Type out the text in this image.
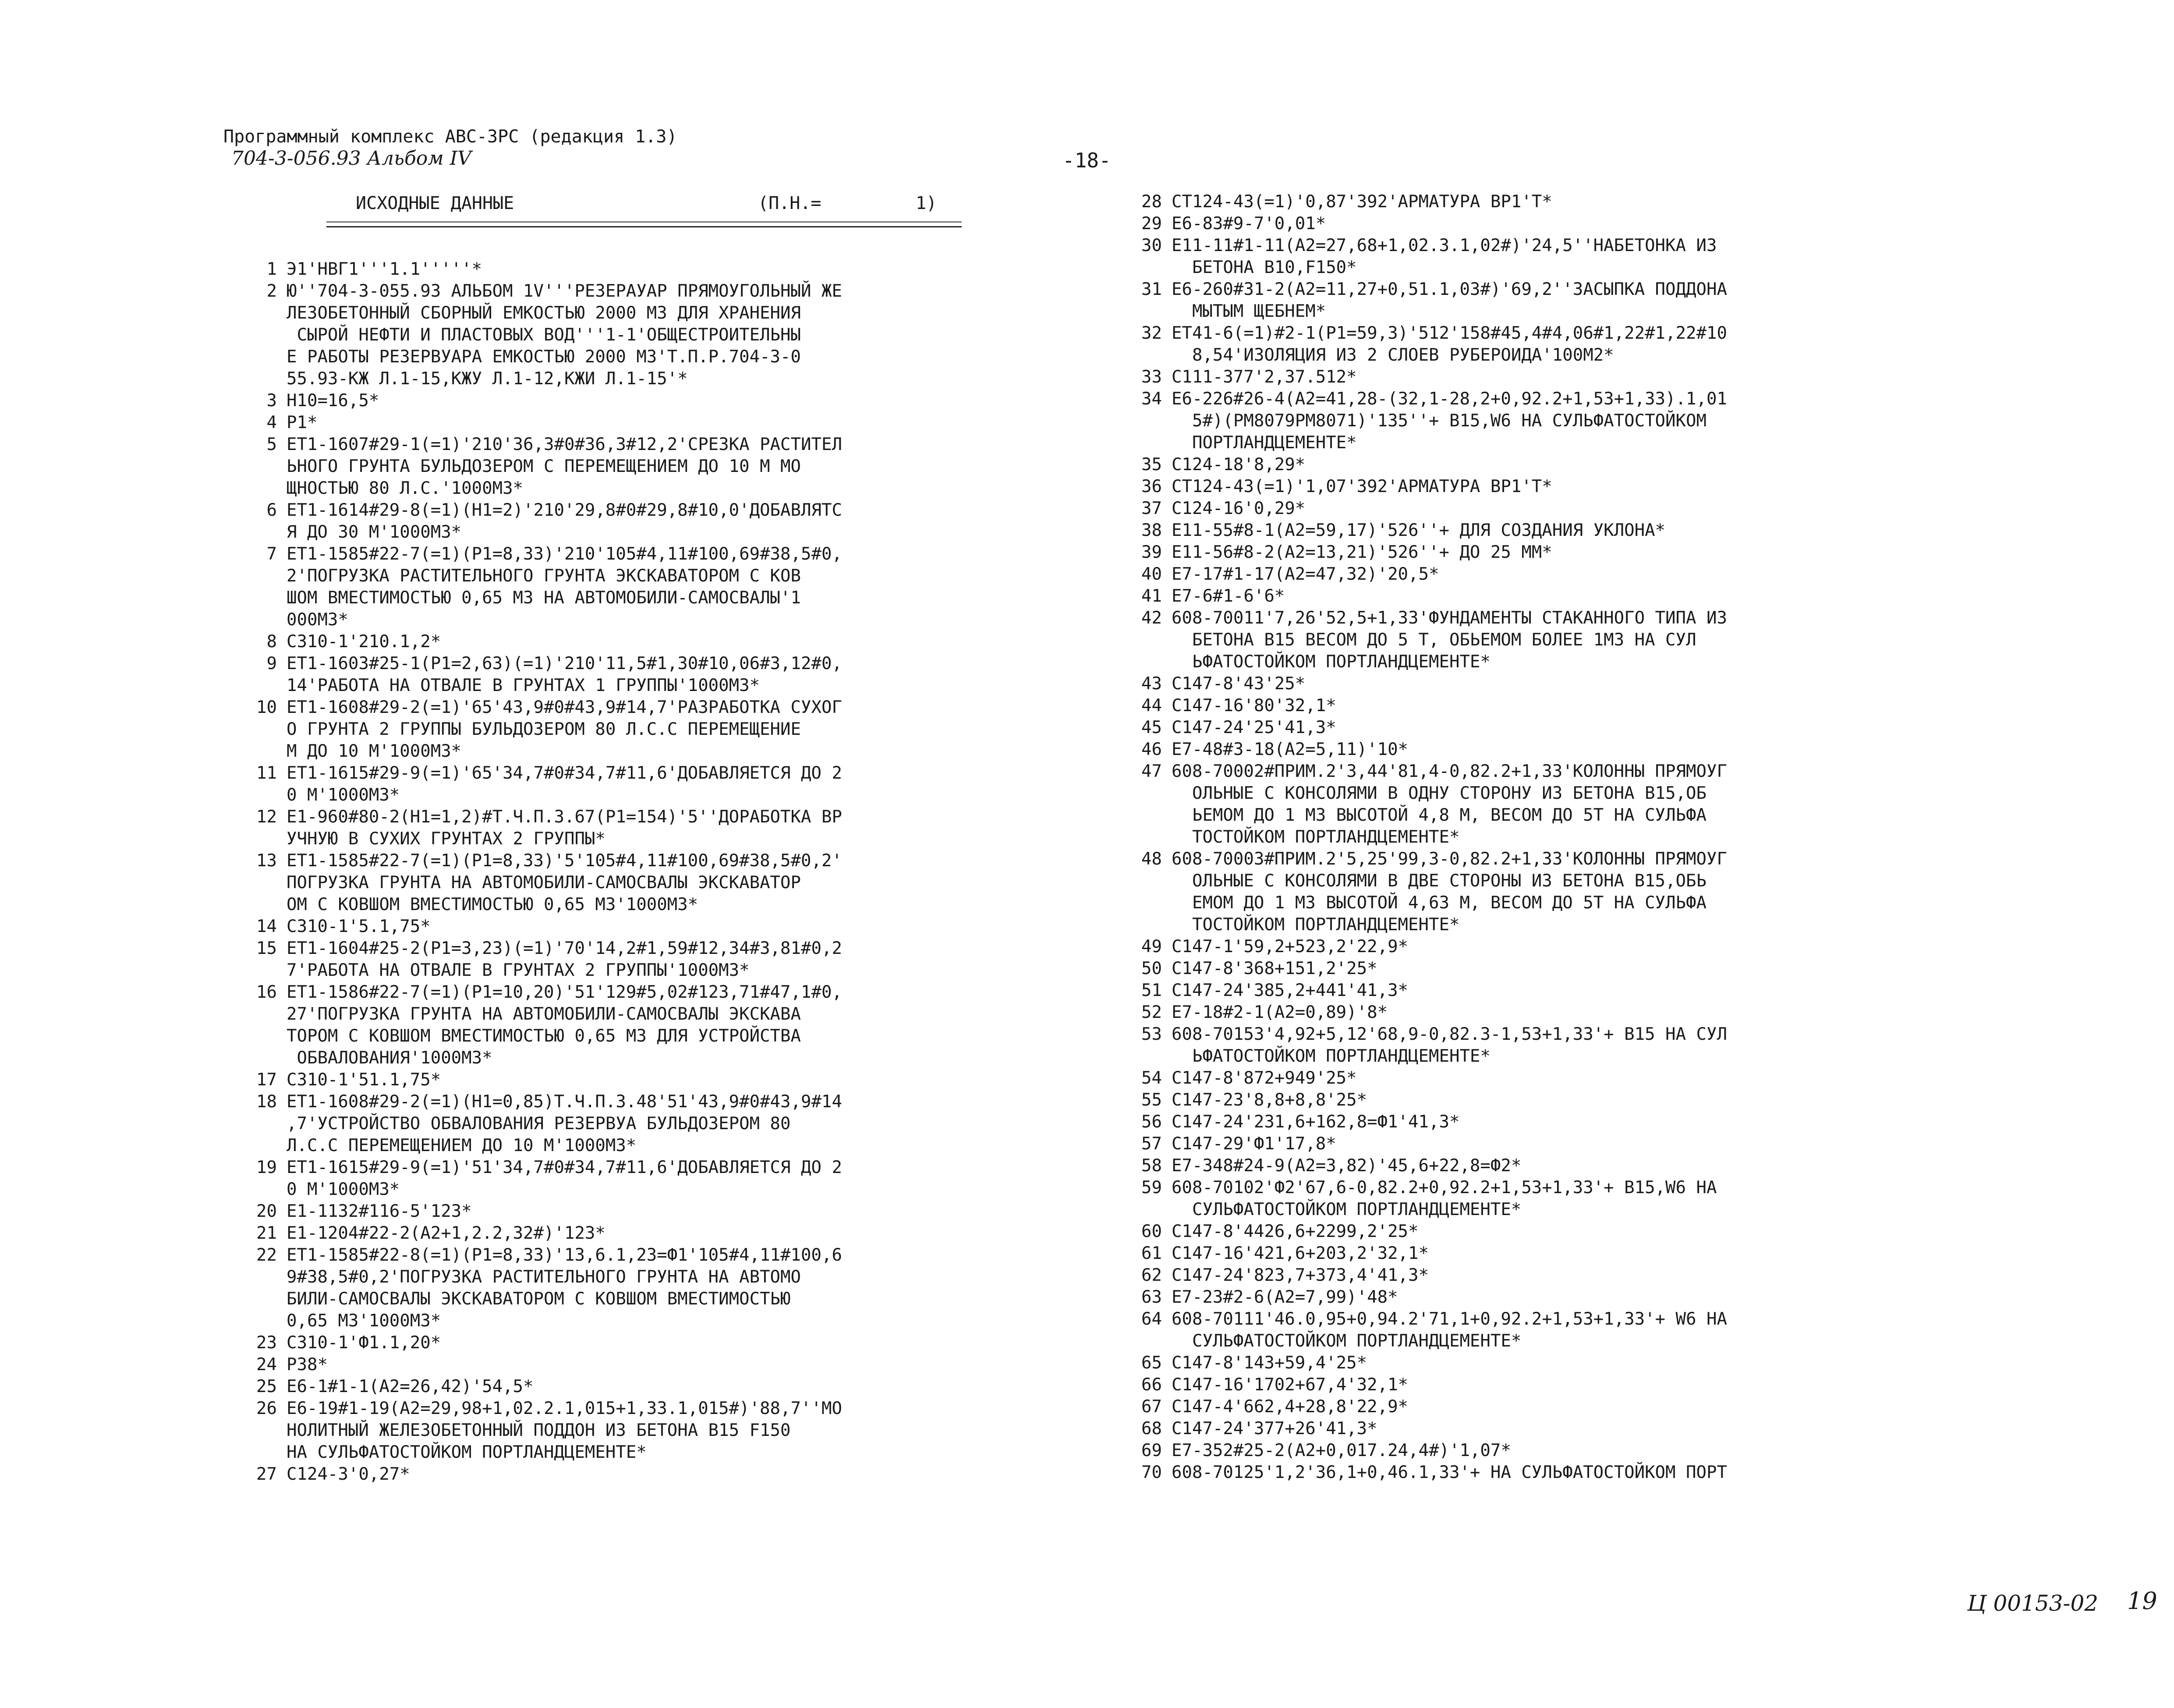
Программный комплекс АВС-3РС (редакция 1.3)
704-3-056.93 Альбом IV	-18-
ИСХОДНЫЕ ДАННЫЕ	(П.Н.=	1)
1 Э1'НВГ1'''1.1'''''*
2 Ю''704-3-055.93 АЛЬБОМ 1V'''РЕЗЕРАУАР ПРЯМОУГОЛЬНЫЙ ЖЕ
ЛЕЗОБЕТОННЫЙ СБОРНЫЙ ЕМКОСТЬЮ 2000 М3 ДЛЯ ХРАНЕНИЯ
СЫРОЙ НЕФТИ И ПЛАСТОВЫХ ВОД'''1-1'ОБЩЕСТРОИТЕЛЬНЫ
Е РАБОТЫ РЕЗЕРВУАРА ЕМКОСТЬЮ 2000 М3'Т.П.Р.704-3-0
55.93-КЖ Л.1-15,КЖУ Л.1-12,КЖИ Л.1-15'*
3 Н10=16,5*
4 Р1*
5 ЕТ1-1607#29-1(=1)'210'36,3#0#36,3#12,2'СРЕЗКА РАСТИТЕЛ
ЬНОГО ГРУНТА БУЛЬДОЗЕРОМ С ПЕРЕМЕЩЕНИЕМ ДО 10 М МО
ЩНОСТЬЮ 80 Л.С.'1000М3*
6 ЕТ1-1614#29-8(=1)(Н1=2)'210'29,8#0#29,8#10,0'ДОБАВЛЯТС
Я ДО 30 М'1000М3*
7 ЕТ1-1585#22-7(=1)(Р1=8,33)'210'105#4,11#100,69#38,5#0,
2'ПОГРУЗКА РАСТИТЕЛЬНОГО ГРУНТА ЭКСКАВАТОРОМ С КОВ
ШОМ ВМЕСТИМОСТЬЮ 0,65 М3 НА АВТОМОБИЛИ-САМОСВАЛЫ'1
000М3*
8 С310-1'210.1,2*
9 ЕТ1-1603#25-1(Р1=2,63)(=1)'210'11,5#1,30#10,06#3,12#0,
14'РАБОТА НА ОТВАЛЕ В ГРУНТАХ 1 ГРУППЫ'1000М3*
10 ЕТ1-1608#29-2(=1)'65'43,9#0#43,9#14,7'РАЗРАБОТКА СУХОГ
О ГРУНТА 2 ГРУППЫ БУЛЬДОЗЕРОМ 80 Л.С.С ПЕРЕМЕЩЕНИЕ
М ДО 10 М'1000М3*
11 ЕТ1-1615#29-9(=1)'65'34,7#0#34,7#11,6'ДОБАВЛЯЕТСЯ ДО 2
0 М'1000М3*
12 Е1-960#80-2(Н1=1,2)#Т.Ч.П.3.67(Р1=154)'5''ДОРАБОТКА ВР
УЧНУЮ В СУХИХ ГРУНТАХ 2 ГРУППЫ*
13 ЕТ1-1585#22-7(=1)(Р1=8,33)'5'105#4,11#100,69#38,5#0,2'
ПОГРУЗКА ГРУНТА НА АВТОМОБИЛИ-САМОСВАЛЫ ЭКСКАВАТОР
ОМ С КОВШОМ ВМЕСТИМОСТЬЮ 0,65 М3'1000М3*
14 С310-1'5.1,75*
15 ЕТ1-1604#25-2(Р1=3,23)(=1)'70'14,2#1,59#12,34#3,81#0,2
7'РАБОТА НА ОТВАЛЕ В ГРУНТАХ 2 ГРУППЫ'1000М3*
16 ЕТ1-1586#22-7(=1)(Р1=10,20)'51'129#5,02#123,71#47,1#0,
27'ПОГРУЗКА ГРУНТА НА АВТОМОБИЛИ-САМОСВАЛЫ ЭКСКАВА
ТОРОМ С КОВШОМ ВМЕСТИМОСТЬЮ 0,65 М3 ДЛЯ УСТРОЙСТВА
ОБВАЛОВАНИЯ'1000М3*
17 С310-1'51.1,75*
18 ЕТ1-1608#29-2(=1)(Н1=0,85)Т.Ч.П.3.48'51'43,9#0#43,9#14
,7'УСТРОЙСТВО ОБВАЛОВАНИЯ РЕЗЕРВУА БУЛЬДОЗЕРОМ 80
Л.С.С ПЕРЕМЕЩЕНИЕМ ДО 10 М'1000М3*
19 ЕТ1-1615#29-9(=1)'51'34,7#0#34,7#11,6'ДОБАВЛЯЕТСЯ ДО 2
0 М'1000М3*
20 Е1-1132#116-5'123*
21 Е1-1204#22-2(А2+1,2.2,32#)'123*
22 ЕТ1-1585#22-8(=1)(Р1=8,33)'13,6.1,23=Ф1'105#4,11#100,6
9#38,5#0,2'ПОГРУЗКА РАСТИТЕЛЬНОГО ГРУНТА НА АВТОМО
БИЛИ-САМОСВАЛЫ ЭКСКАВАТОРОМ С КОВШОМ ВМЕСТИМОСТЬЮ
0,65 М3'1000М3*
23 С310-1'Ф1.1,20*
24 Р38*
25 Е6-1#1-1(А2=26,42)'54,5*
26 Е6-19#1-19(А2=29,98+1,02.2.1,015+1,33.1,015#)'88,7''МО
НОЛИТНЫЙ ЖЕЛЕЗОБЕТОННЫЙ ПОДДОН ИЗ БЕТОНА В15 F150
НА СУЛЬФАТОСТОЙКОМ ПОРТЛАНДЦЕМЕНТЕ*
27 С124-3'0,27*
28 СТ124-43(=1)'0,87'392'АРМАТУРА ВР1'Т*
29 Е6-83#9-7'0,01*
30 Е11-11#1-11(А2=27,68+1,02.3.1,02#)'24,5''НАБЕТОНКА ИЗ
БЕТОНА В10,F150*
31 Е6-260#31-2(А2=11,27+0,51.1,03#)'69,2''ЗАСЫПКА ПОДДОНА
МЫТЫМ ЩЕБНЕМ*
32 ЕТ41-6(=1)#2-1(Р1=59,3)'512'158#45,4#4,06#1,22#1,22#10
8,54'ИЗОЛЯЦИЯ ИЗ 2 СЛОЕВ РУБЕРОИДА'100М2*
33 С111-377'2,37.512*
34 Е6-226#26-4(А2=41,28-(32,1-28,2+0,92.2+1,53+1,33).1,01
5#)(РМ8079РМ8071)'135''+ В15,W6 НА СУЛЬФАТОСТОЙКОМ
ПОРТЛАНДЦЕМЕНТЕ*
35 С124-18'8,29*
36 СТ124-43(=1)'1,07'392'АРМАТУРА ВР1'Т*
37 С124-16'0,29*
38 Е11-55#8-1(А2=59,17)'526''+ ДЛЯ СОЗДАНИЯ УКЛОНА*
39 Е11-56#8-2(А2=13,21)'526''+ ДО 25 ММ*
40 Е7-17#1-17(А2=47,32)'20,5*
41 Е7-6#1-6'6*
42 608-70011'7,26'52,5+1,33'ФУНДАМЕНТЫ СТАКАННОГО ТИПА ИЗ
БЕТОНА В15 ВЕСОМ ДО 5 Т, ОБЬЕМОМ БОЛЕЕ 1М3 НА СУЛ
ЬФАТОСТОЙКОМ ПОРТЛАНДЦЕМЕНТЕ*
43 С147-8'43'25*
44 С147-16'80'32,1*
45 С147-24'25'41,3*
46 Е7-48#3-18(А2=5,11)'10*
47 608-70002#ПРИМ.2'3,44'81,4-0,82.2+1,33'КОЛОННЫ ПРЯМОУГ
ОЛЬНЫЕ С КОНСОЛЯМИ В ОДНУ СТОРОНУ ИЗ БЕТОНА В15,ОБ
ЬЕМОМ ДО 1 М3 ВЫСОТОЙ 4,8 М, ВЕСОМ ДО 5Т НА СУЛЬФА
ТОСТОЙКОМ ПОРТЛАНДЦЕМЕНТЕ*
48 608-70003#ПРИМ.2'5,25'99,3-0,82.2+1,33'КОЛОННЫ ПРЯМОУГ
ОЛЬНЫЕ С КОНСОЛЯМИ В ДВЕ СТОРОНЫ ИЗ БЕТОНА В15,ОБЬ
ЕМОМ ДО 1 М3 ВЫСОТОЙ 4,63 М, ВЕСОМ ДО 5Т НА СУЛЬФА
ТОСТОЙКОМ ПОРТЛАНДЦЕМЕНТЕ*
49 С147-1'59,2+523,2'22,9*
50 С147-8'368+151,2'25*
51 С147-24'385,2+441'41,3*
52 Е7-18#2-1(А2=0,89)'8*
53 608-70153'4,92+5,12'68,9-0,82.3-1,53+1,33'+ В15 НА СУЛ
ЬФАТОСТОЙКОМ ПОРТЛАНДЦЕМЕНТЕ*
54 С147-8'872+949'25*
55 С147-23'8,8+8,8'25*
56 С147-24'231,6+162,8=Ф1'41,3*
57 С147-29'Ф1'17,8*
58 Е7-348#24-9(А2=3,82)'45,6+22,8=Ф2*
59 608-70102'Ф2'67,6-0,82.2+0,92.2+1,53+1,33'+ В15,W6 НА
СУЛЬФАТОСТОЙКОМ ПОРТЛАНДЦЕМЕНТЕ*
60 С147-8'4426,6+2299,2'25*
61 С147-16'421,6+203,2'32,1*
62 С147-24'823,7+373,4'41,3*
63 Е7-23#2-6(А2=7,99)'48*
64 608-70111'46.0,95+0,94.2'71,1+0,92.2+1,53+1,33'+ W6 НА
СУЛЬФАТОСТОЙКОМ ПОРТЛАНДЦЕМЕНТЕ*
65 С147-8'143+59,4'25*
66 С147-16'1702+67,4'32,1*
67 С147-4'662,4+28,8'22,9*
68 С147-24'377+26'41,3*
69 Е7-352#25-2(А2+0,017.24,4#)'1,07*
70 608-70125'1,2'36,1+0,46.1,33'+ НА СУЛЬФАТОСТОЙКОМ ПОРТ
Ц 00153-02 19
